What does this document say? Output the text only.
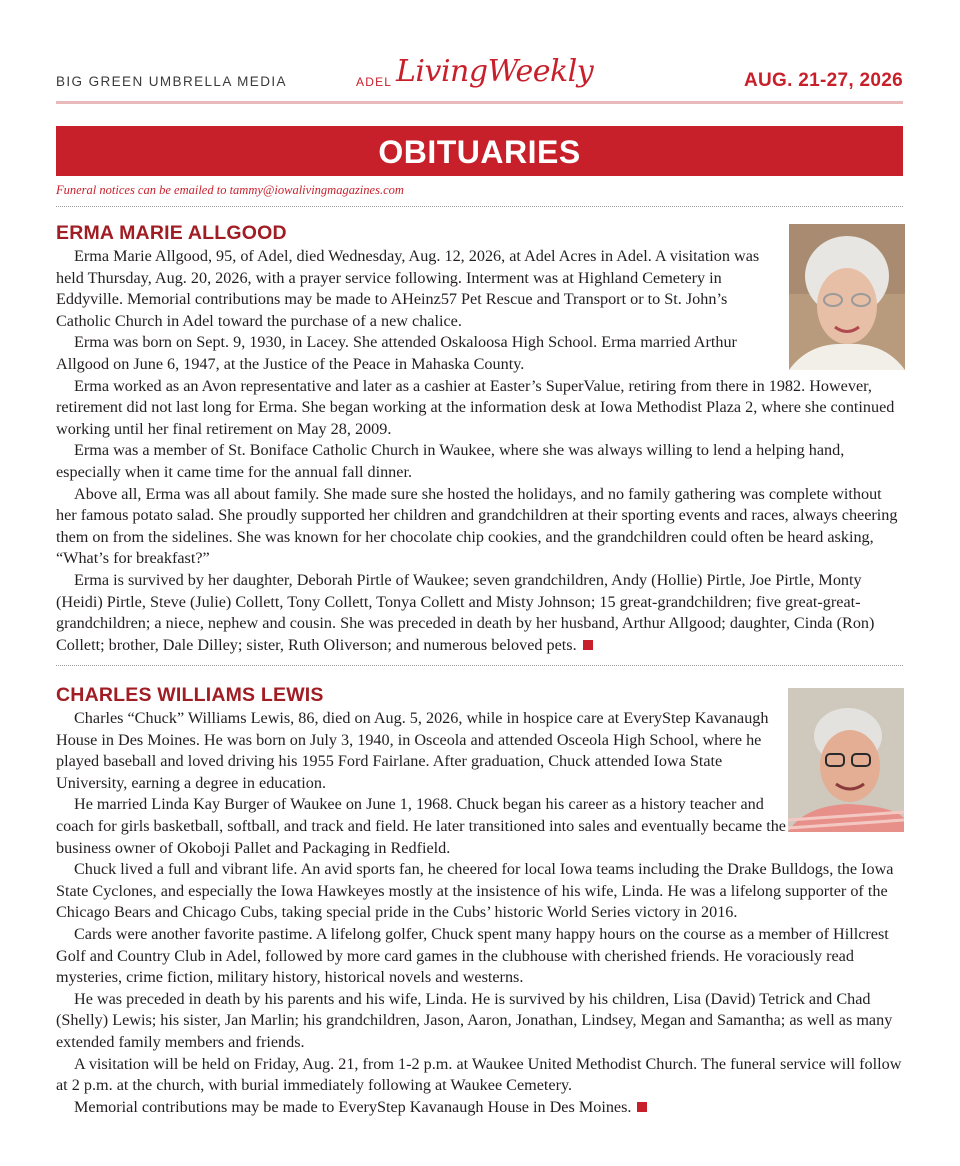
BIG GREEN UMBRELLA MEDIA	ADEL LivingWeekly	AUG. 21-27, 2026
OBITUARIES
Funeral notices can be emailed to tammy@iowalivingmagazines.com
ERMA MARIE ALLGOOD

Erma Marie Allgood, 95, of Adel, died Wednesday, Aug. 12, 2026, at Adel Acres in Adel. A visitation was held Thursday, Aug. 20, 2026, with a prayer service following. Interment was at Highland Cemetery in Eddyville. Memorial contributions may be made to AHeinz57 Pet Rescue and Transport or to St. John’s Catholic Church in Adel toward the purchase of a new chalice.

Erma was born on Sept. 9, 1930, in Lacey. She attended Oskaloosa High School. Erma married Arthur Allgood on June 6, 1947, at the Justice of the Peace in Mahaska County.

Erma worked as an Avon representative and later as a cashier at Easter’s SuperValue, retiring from there in 1982. However, retirement did not last long for Erma. She began working at the information desk at Iowa Methodist Plaza 2, where she continued working until her final retirement on May 28, 2009.

Erma was a member of St. Boniface Catholic Church in Waukee, where she was always willing to lend a helping hand, especially when it came time for the annual fall dinner.

Above all, Erma was all about family. She made sure she hosted the holidays, and no family gathering was complete without her famous potato salad. She proudly supported her children and grandchildren at their sporting events and races, always cheering them on from the sidelines. She was known for her chocolate chip cookies, and the grandchildren could often be heard asking, “What’s for breakfast?”

Erma is survived by her daughter, Deborah Pirtle of Waukee; seven grandchildren, Andy (Hollie) Pirtle, Joe Pirtle, Monty (Heidi) Pirtle, Steve (Julie) Collett, Tony Collett, Tonya Collett and Misty Johnson; 15 great-grandchildren; five great-great-grandchildren; a niece, nephew and cousin. She was preceded in death by her husband, Arthur Allgood; daughter, Cinda (Ron) Collett; brother, Dale Dilley; sister, Ruth Oliverson; and numerous beloved pets.

CHARLES WILLIAMS LEWIS

Charles “Chuck” Williams Lewis, 86, died on Aug. 5, 2026, while in hospice care at EveryStep Kavanaugh House in Des Moines. He was born on July 3, 1940, in Osceola and attended Osceola High School, where he played baseball and loved driving his 1955 Ford Fairlane. After graduation, Chuck attended Iowa State University, earning a degree in education.

He married Linda Kay Burger of Waukee on June 1, 1968. Chuck began his career as a history teacher and coach for girls basketball, softball, and track and field. He later transitioned into sales and eventually became the business owner of Okoboji Pallet and Packaging in Redfield.

Chuck lived a full and vibrant life. An avid sports fan, he cheered for local Iowa teams including the Drake Bulldogs, the Iowa State Cyclones, and especially the Iowa Hawkeyes mostly at the insistence of his wife, Linda. He was a lifelong supporter of the Chicago Bears and Chicago Cubs, taking special pride in the Cubs’ historic World Series victory in 2016.

Cards were another favorite pastime. A lifelong golfer, Chuck spent many happy hours on the course as a member of Hillcrest Golf and Country Club in Adel, followed by more card games in the clubhouse with cherished friends. He voraciously read mysteries, crime fiction, military history, historical novels and westerns.

He was preceded in death by his parents and his wife, Linda. He is survived by his children, Lisa (David) Tetrick and Chad (Shelly) Lewis; his sister, Jan Marlin; his grandchildren, Jason, Aaron, Jonathan, Lindsey, Megan and Samantha; as well as many extended family members and friends.

A visitation will be held on Friday, Aug. 21, from 1-2 p.m. at Waukee United Methodist Church. The funeral service will follow at 2 p.m. at the church, with burial immediately following at Waukee Cemetery.

Memorial contributions may be made to EveryStep Kavanaugh House in Des Moines.
